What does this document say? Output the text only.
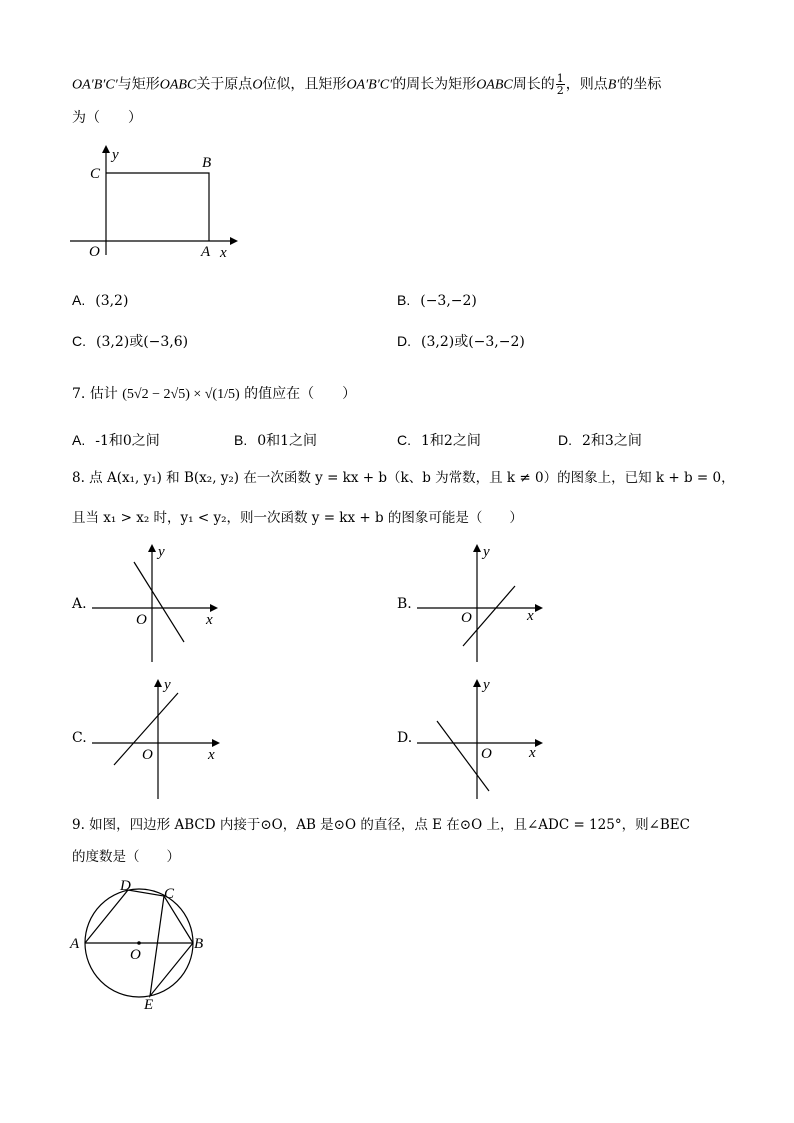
OA′B′C′与矩形OABC关于原点O位似，且矩形OA′B′C′的周长为矩形OABC周长的 $\frac{1}{2}$ ，则点B′的坐标
为（　　）
y
x
C
B
O	A
A. (3,2)	B. (−3,−2)
C. (3,2)或(−3,6)	D. (3,2)或(−3,−2)
7. 估计 (5√2 − 2√5) × √(1/5) 的值应在（　　）
A. -1和0之间	B. 0和1之间	C. 1和2之间	D. 2和3之间
8. 点 A(x₁, y₁) 和 B(x₂, y₂) 在一次函数 y = kx + b（k、b 为常数，且 k ≠ 0）的图象上，已知 k + b = 0，
且当 x₁ > x₂ 时，y₁ < y₂，则一次函数 y = kx + b 的图象可能是（　　）
A.
y
x
O
B.
y
x
O
C.
y
x
O
D.
y
x
O
9. 如图，四边形 ABCD 内接于⊙O，AB 是⊙O 的直径，点 E 在⊙O 上，且∠ADC = 125°，则∠BEC
的度数是（　　）
D C
A	B
O
E
